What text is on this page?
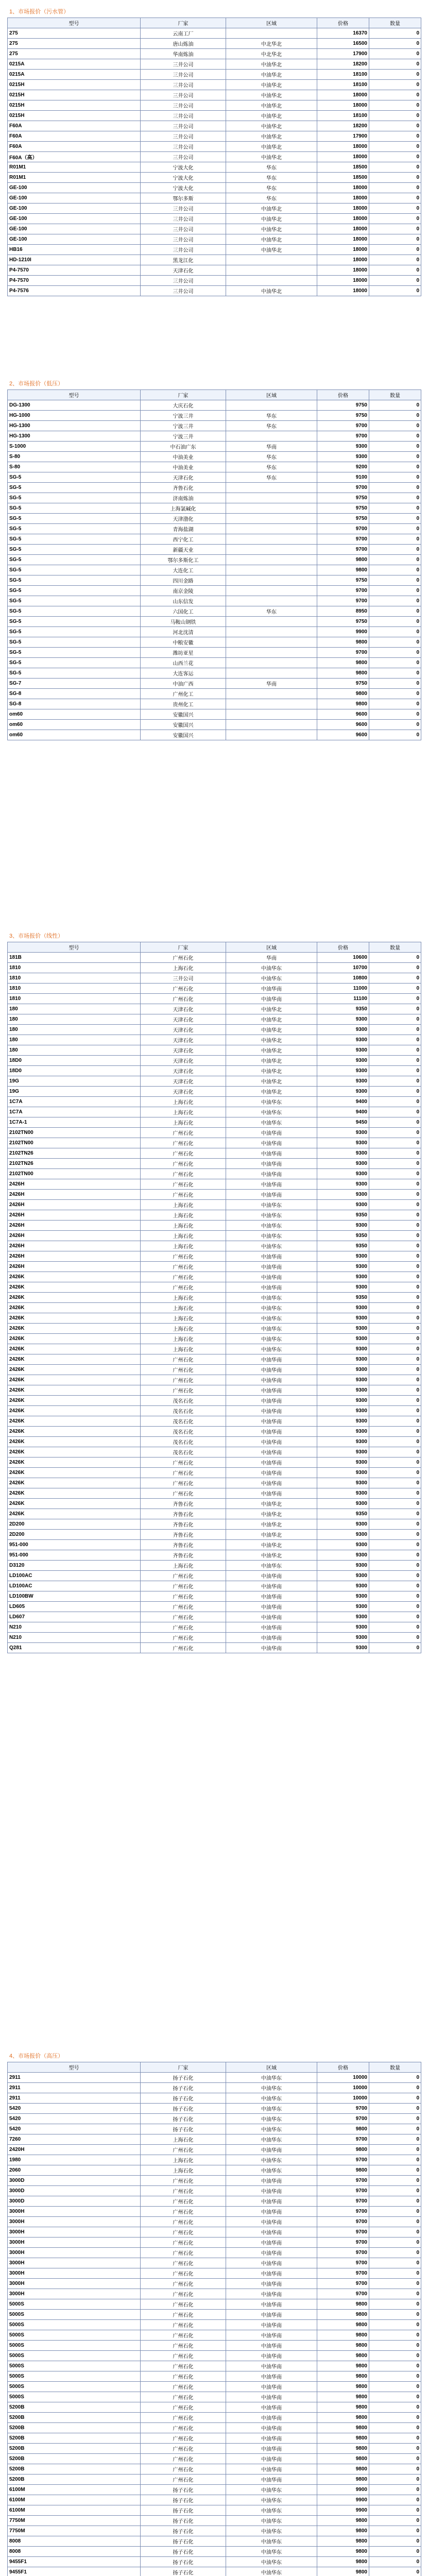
1、市场报价（污水管）
型号	厂家	区域	价格	数量
275	云南工厂		16370	0
275	唐山炼油	中北华北	16500	0
275	华南炼油	中北华北	17900	0
0215A	三井公司	中油华北	18200	0
0215A	三井公司	中油华北	18100	0
0215H	三井公司	中油华北	18100	0
0215H	三井公司	中油华北	18000	0
0215H	三井公司	中油华北	18000	0
0215H	三井公司	中油华北	18100	0
F60A	三井公司	中油华北	18200	0
F60A	三井公司	中油华北	17900	0
F60A	三井公司	中油华北	18000	0
F60A（高）	三井公司	中油华北	18000	0
R01M1	宁波大化	华东	18500	0
R01M1	宁波大化	华东	18500	0
GE-100	宁波大化	华东	18000	0
GE-100	鄂尔多斯	华东	18000	0
GE-100	三井公司	中油华北	18000	0
GE-100	三井公司	中油华北	18000	0
GE-100	三井公司	中油华北	18000	0
GE-100	三井公司	中油华北	18000	0
HB16	三井公司	中油华北	18000	0
HD-1210I	黑龙江化		18000	0
P4-7570	天津石化		18000	0
P4-7570	三井公司		18000	0
P4-7576	三井公司	中油华北	18000	0
2、市场报价（低压）
型号	厂家	区域	价格	数量
DG-1300	大庆石化		9750	0
HG-1000	宁波三井	华东	9750	0
HG-1300	宁波三井	华东	9700	0
HG-1300	宁波三井		9700	0
S-1000	中石油广东	华南	9300	0
S-80	中油美业	华东	9300	0
S-80	中油美业	华东	9200	0
SG-5	天津石化	华东	9100	0
SG-5	齐鲁石化		9700	0
SG-5	济南炼油		9750	0
SG-5	上海氯碱化		9750	0
SG-5	天津渤化		9750	0
SG-5	青海盐湖		9700	0
SG-5	西宁化工		9700	0
SG-5	新疆天业		9700	0
SG-5	鄂尔多斯化工		9800	0
SG-5	大连化工		9800	0
SG-5	四川金路		9750	0
SG-5	南京金陵		9700	0
SG-5	山东信发		9700	0
SG-5	六国化工	华东	8950	0
SG-5	马鞍山钢铁		9750	0
SG-5	河北沈清		9900	0
SG-5	中粮安徽		9800	0
SG-5	潍坊亚星		9700	0
SG-5	山西兰花		9800	0
SG-5	大连客运		9800	0
SG-7	中油广西	华南	9750	0
SG-8	广州化工		9800	0
SG-8	贵州化工		9800	0
om60	安徽国兴		9600	0
om60	安徽国兴		9600	0
om60	安徽国兴		9600	0
3、市场报价（线性）
型号	厂家	区域	价格	数量
181B	广州石化	华南	10600	0
1810	上海石化	中油华东	10700	0
1810	三井公司	中油华东	10800	0
1810	广州石化	中油华南	11000	0
1810	广州石化	中油华南	11100	0
180	天津石化	中油华北	9350	0
180	天津石化	中油华北	9300	0
180	天津石化	中油华北	9300	0
180	天津石化	中油华北	9300	0
180	天津石化	中油华北	9300	0
18D0	天津石化	中油华北	9300	0
18D0	天津石化	中油华北	9300	0
19G	天津石化	中油华北	9300	0
19G	天津石化	中油华北	9300	0
1C7A	上海石化	中油华东	9400	0
1C7A	上海石化	中油华东	9400	0
1C7A-1	上海石化	中油华东	9450	0
2102TN00	广州石化	中油华南	9300	0
2102TN00	广州石化	中油华南	9300	0
2102TN26	广州石化	中油华南	9300	0
2102TN26	广州石化	中油华南	9300	0
2102TN00	广州石化	中油华南	9300	0
2426H	广州石化	中油华南	9300	0
2426H	广州石化	中油华南	9300	0
2426H	上海石化	中油华东	9300	0
2426H	上海石化	中油华东	9350	0
2426H	上海石化	中油华东	9300	0
2426H	上海石化	中油华东	9350	0
2426H	上海石化	中油华东	9350	0
2426H	广州石化	中油华南	9300	0
2426H	广州石化	中油华南	9300	0
2426K	广州石化	中油华南	9300	0
2426K	广州石化	中油华南	9300	0
2426K	上海石化	中油华东	9350	0
2426K	上海石化	中油华东	9300	0
2426K	上海石化	中油华东	9300	0
2426K	上海石化	中油华东	9300	0
2426K	上海石化	中油华东	9300	0
2426K	上海石化	中油华东	9300	0
2426K	广州石化	中油华南	9300	0
2426K	广州石化	中油华南	9300	0
2426K	广州石化	中油华南	9300	0
2426K	广州石化	中油华南	9300	0
2426K	茂名石化	中油华南	9300	0
2426K	茂名石化	中油华南	9300	0
2426K	茂名石化	中油华南	9300	0
2426K	茂名石化	中油华南	9300	0
2426K	茂名石化	中油华南	9300	0
2426K	茂名石化	中油华南	9300	0
2426K	广州石化	中油华南	9300	0
2426K	广州石化	中油华南	9300	0
2426K	广州石化	中油华南	9300	0
2426K	广州石化	中油华南	9300	0
2426K	齐鲁石化	中油华北	9300	0
2426K	齐鲁石化	中油华北	9350	0
2D200	齐鲁石化	中油华北	9300	0
2D200	齐鲁石化	中油华北	9300	0
951-000	齐鲁石化	中油华北	9300	0
951-000	齐鲁石化	中油华北	9300	0
D3120	上海石化	中油华东	9300	0
LD100AC	广州石化	中油华南	9300	0
LD100AC	广州石化	中油华南	9300	0
LD100BW	广州石化	中油华南	9300	0
LD605	广州石化	中油华南	9300	0
LD607	广州石化	中油华南	9300	0
N210	广州石化	中油华南	9300	0
N210	广州石化	中油华南	9300	0
Q281	广州石化	中油华南	9300	0
4、市场报价（高压）
型号	厂家	区域	价格	数量
2911	扬子石化	中油华东	10000	0
2911	扬子石化	中油华东	10000	0
2911	扬子石化	中油华东	10000	0
5420	扬子石化	中油华东	9700	0
5420	扬子石化	中油华东	9700	0
5420	扬子石化	中油华东	9800	0
7260	上海石化	中油华东	9700	0
2420H	广州石化	中油华南	9800	0
1980	上海石化	中油华东	9700	0
2060	上海石化	中油华东	9800	0
3000D	广州石化	中油华南	9700	0
3000D	广州石化	中油华南	9700	0
3000D	广州石化	中油华南	9700	0
3000H	广州石化	中油华南	9700	0
3000H	广州石化	中油华南	9700	0
3000H	广州石化	中油华南	9700	0
3000H	广州石化	中油华南	9700	0
3000H	广州石化	中油华南	9700	0
3000H	广州石化	中油华南	9700	0
3000H	广州石化	中油华南	9700	0
3000H	广州石化	中油华南	9700	0
3000H	广州石化	中油华南	9700	0
5000S	广州石化	中油华南	9800	0
5000S	广州石化	中油华南	9800	0
5000S	广州石化	中油华南	9800	0
5000S	广州石化	中油华南	9800	0
5000S	广州石化	中油华南	9800	0
5000S	广州石化	中油华南	9800	0
5000S	广州石化	中油华南	9800	0
5000S	广州石化	中油华南	9800	0
5000S	广州石化	中油华南	9800	0
5000S	广州石化	中油华南	9800	0
5200B	广州石化	中油华南	9800	0
5200B	广州石化	中油华南	9800	0
5200B	广州石化	中油华南	9800	0
5200B	广州石化	中油华南	9800	0
5200B	广州石化	中油华南	9800	0
5200B	广州石化	中油华南	9800	0
5200B	广州石化	中油华南	9800	0
5200B	广州石化	中油华南	9800	0
6100M	扬子石化	中油华东	9900	0
6100M	扬子石化	中油华东	9900	0
6100M	扬子石化	中油华东	9900	0
7750M	扬子石化	中油华东	9800	0
7750M	扬子石化	中油华东	9800	0
8008	扬子石化	中油华东	9800	0
8008	扬子石化	中油华东	9800	0
9455F1	扬子石化	中油华东	9800	0
9455F1	扬子石化	中油华东	9800	0
